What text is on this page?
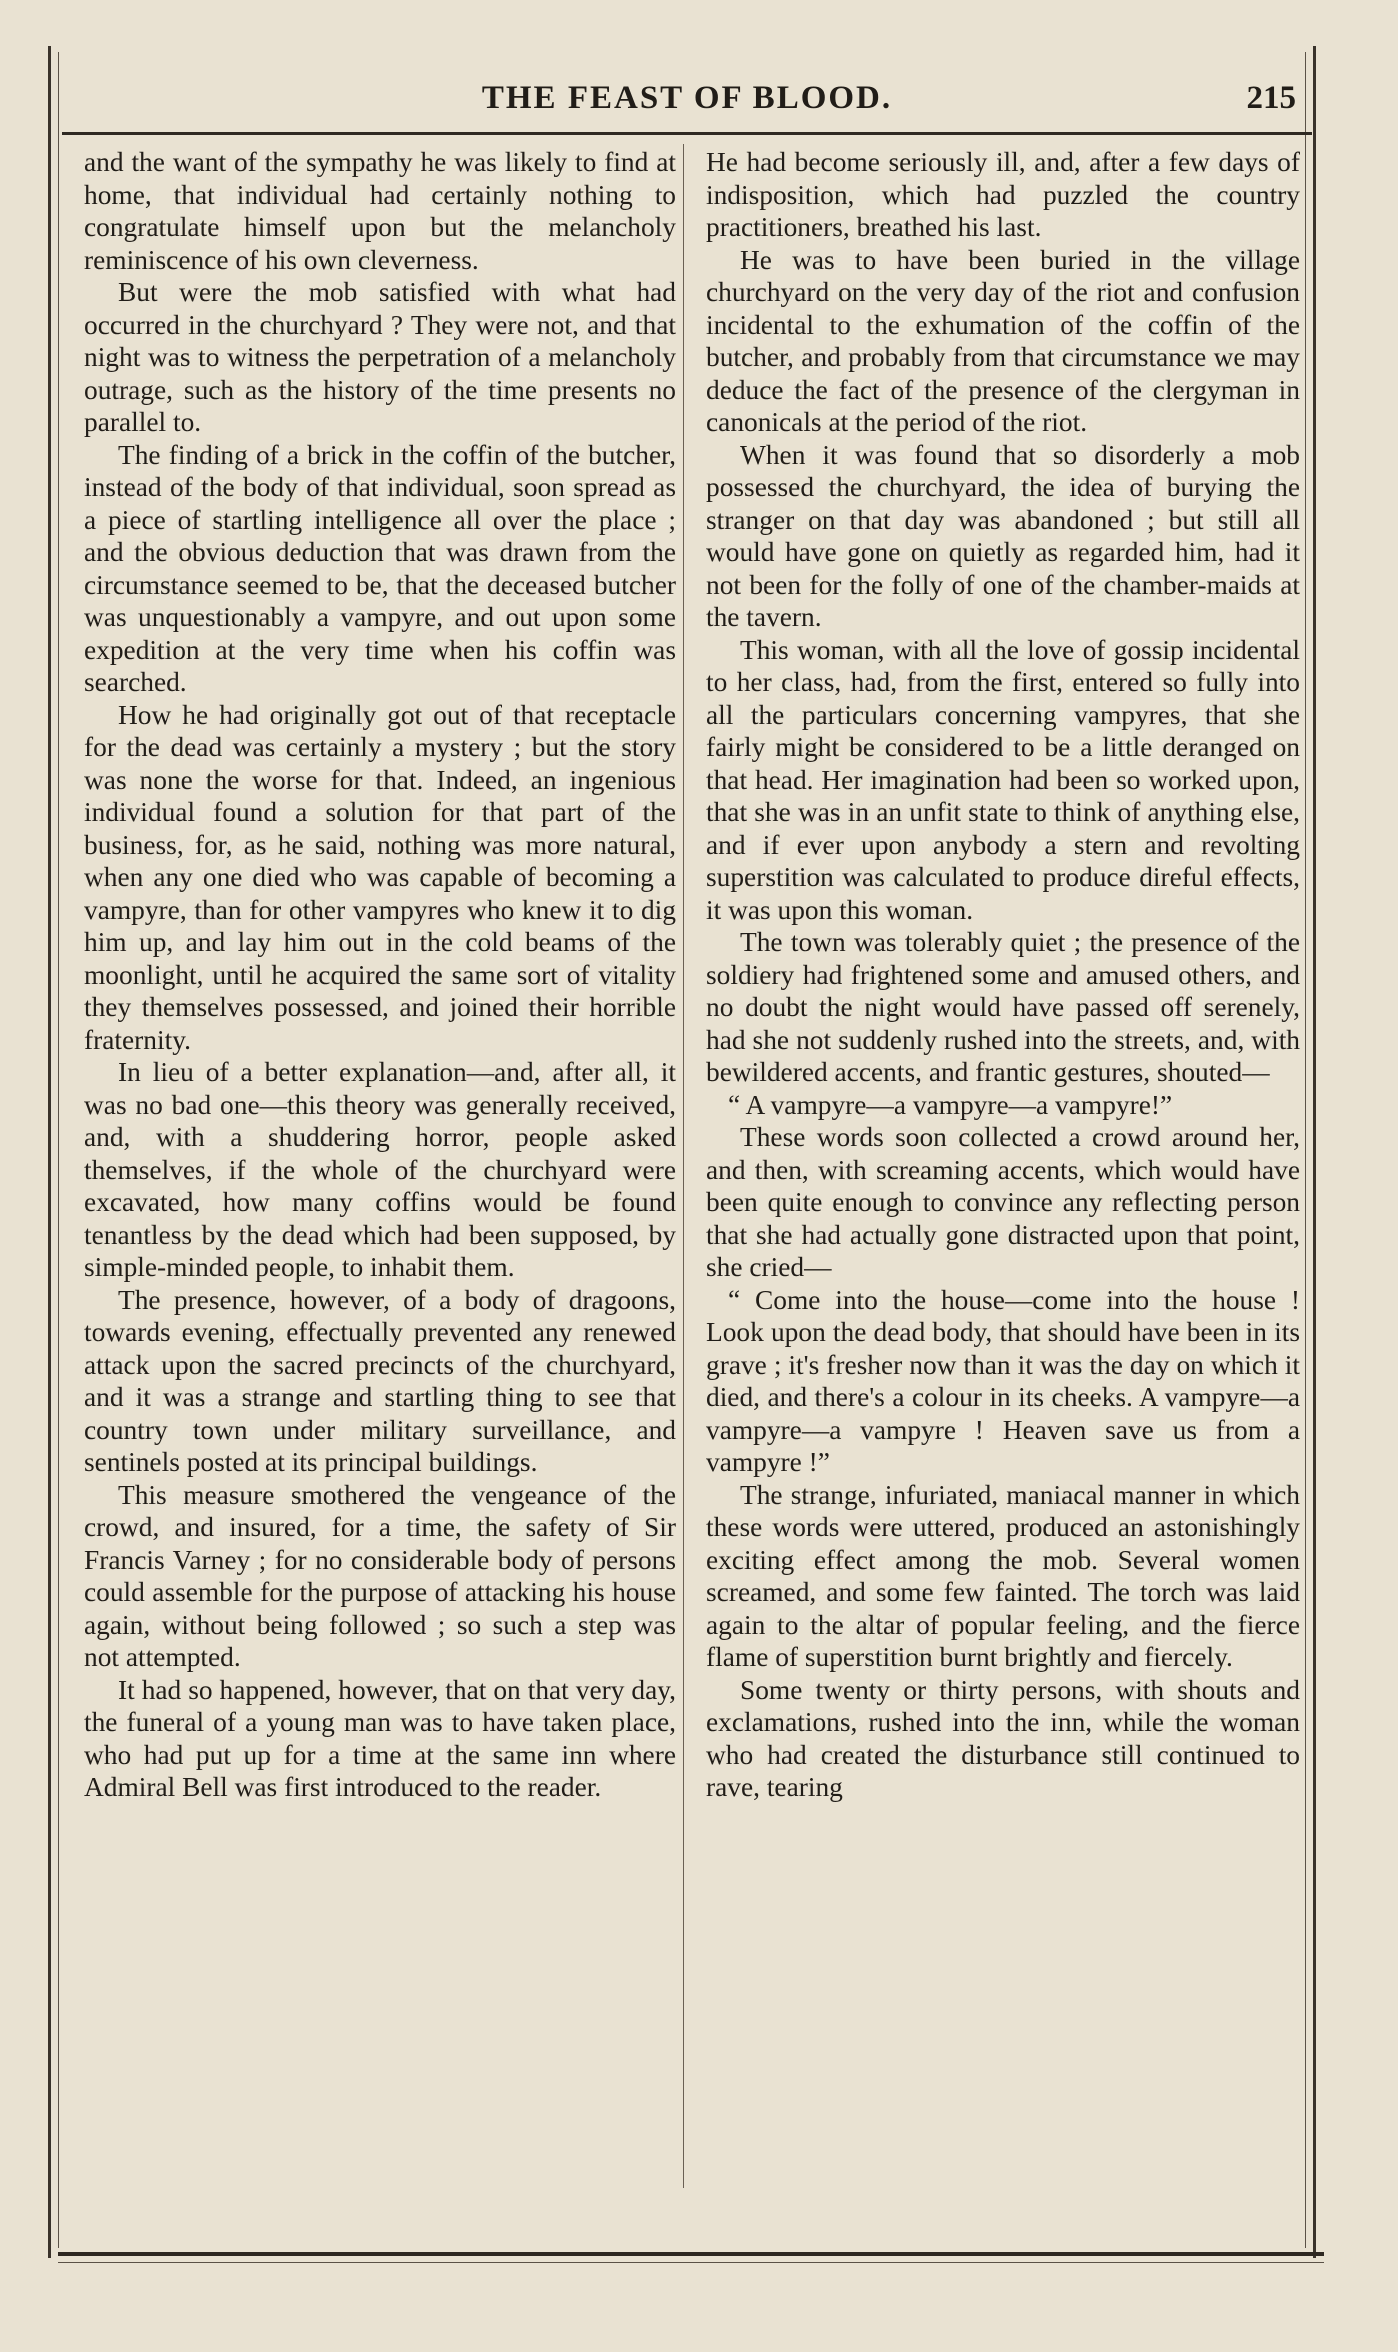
THE FEAST OF BLOOD.	215

and the want of the sympathy he was likely to find at home, that individual had certainly nothing to congratulate himself upon but the melancholy reminiscence of his own cleverness.

But were the mob satisfied with what had occurred in the churchyard ? They were not, and that night was to witness the perpetration of a melancholy outrage, such as the history of the time presents no parallel to.

The finding of a brick in the coffin of the butcher, instead of the body of that individual, soon spread as a piece of startling intelligence all over the place ; and the obvious deduction that was drawn from the circumstance seemed to be, that the deceased butcher was unquestionably a vampyre, and out upon some expedition at the very time when his coffin was searched.

How he had originally got out of that receptacle for the dead was certainly a mystery ; but the story was none the worse for that. Indeed, an ingenious individual found a solution for that part of the business, for, as he said, nothing was more natural, when any one died who was capable of becoming a vampyre, than for other vampyres who knew it to dig him up, and lay him out in the cold beams of the moonlight, until he acquired the same sort of vitality they themselves possessed, and joined their horrible fraternity.

In lieu of a better explanation—and, after all, it was no bad one—this theory was generally received, and, with a shuddering horror, people asked themselves, if the whole of the churchyard were excavated, how many coffins would be found tenantless by the dead which had been supposed, by simple-minded people, to inhabit them.

The presence, however, of a body of dragoons, towards evening, effectually prevented any renewed attack upon the sacred precincts of the churchyard, and it was a strange and startling thing to see that country town under military surveillance, and sentinels posted at its principal buildings.

This measure smothered the vengeance of the crowd, and insured, for a time, the safety of Sir Francis Varney ; for no considerable body of persons could assemble for the purpose of attacking his house again, without being followed ; so such a step was not attempted.

It had so happened, however, that on that very day, the funeral of a young man was to have taken place, who had put up for a time at the same inn where Admiral Bell was first introduced to the reader.

He had become seriously ill, and, after a few days of indisposition, which had puzzled the country practitioners, breathed his last.

He was to have been buried in the village churchyard on the very day of the riot and confusion incidental to the exhumation of the coffin of the butcher, and probably from that circumstance we may deduce the fact of the presence of the clergyman in canonicals at the period of the riot.

When it was found that so disorderly a mob possessed the churchyard, the idea of burying the stranger on that day was abandoned ; but still all would have gone on quietly as regarded him, had it not been for the folly of one of the chamber-maids at the tavern.

This woman, with all the love of gossip incidental to her class, had, from the first, entered so fully into all the particulars concerning vampyres, that she fairly might be considered to be a little deranged on that head. Her imagination had been so worked upon, that she was in an unfit state to think of anything else, and if ever upon anybody a stern and revolting superstition was calculated to produce direful effects, it was upon this woman.

The town was tolerably quiet ; the presence of the soldiery had frightened some and amused others, and no doubt the night would have passed off serenely, had she not suddenly rushed into the streets, and, with bewildered accents, and frantic gestures, shouted—

“ A vampyre—a vampyre—a vampyre!”

These words soon collected a crowd around her, and then, with screaming accents, which would have been quite enough to convince any reflecting person that she had actually gone distracted upon that point, she cried—

“ Come into the house—come into the house ! Look upon the dead body, that should have been in its grave ; it's fresher now than it was the day on which it died, and there's a colour in its cheeks. A vampyre—a vampyre—a vampyre ! Heaven save us from a vampyre !”

The strange, infuriated, maniacal manner in which these words were uttered, produced an astonishingly exciting effect among the mob. Several women screamed, and some few fainted. The torch was laid again to the altar of popular feeling, and the fierce flame of superstition burnt brightly and fiercely.

Some twenty or thirty persons, with shouts and exclamations, rushed into the inn, while the woman who had created the disturbance still continued to rave, tearing
